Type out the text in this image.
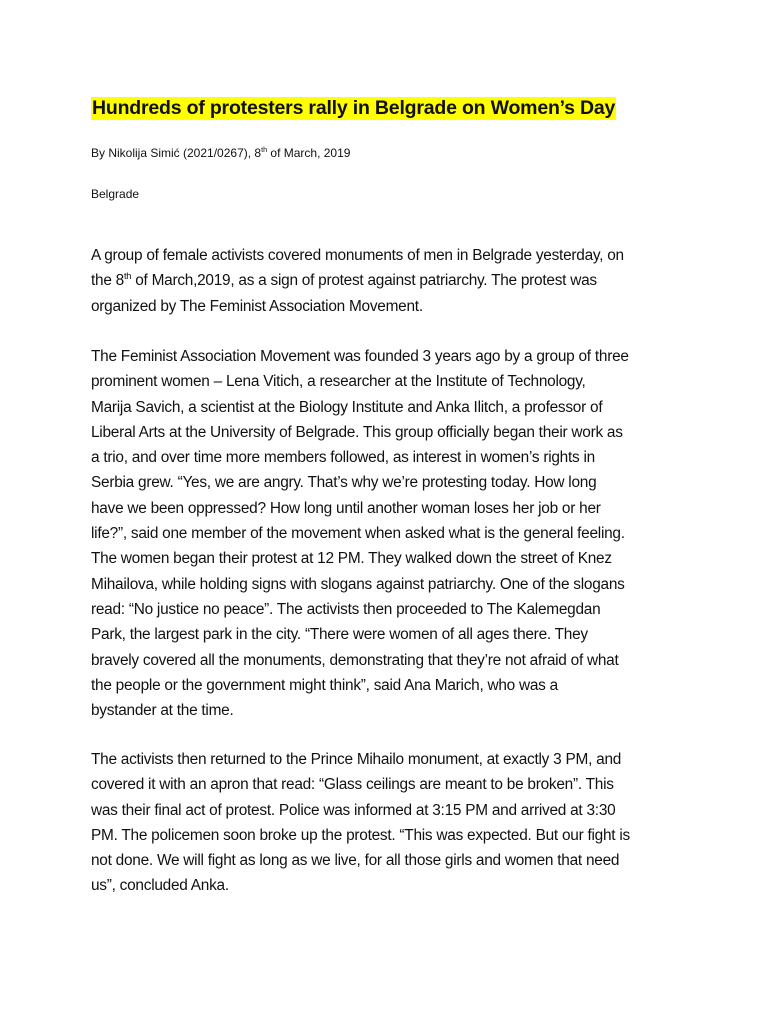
Hundreds of protesters rally in Belgrade on Women’s Day

By Nikolija Simić (2021/0267), 8th of March, 2019

Belgrade

A group of female activists covered monuments of men in Belgrade yesterday, on
the 8th of March,2019, as a sign of protest against patriarchy. The protest was
organized by The Feminist Association Movement.

The Feminist Association Movement was founded 3 years ago by a group of three
prominent women – Lena Vitich, a researcher at the Institute of Technology,
Marija Savich, a scientist at the Biology Institute and Anka Ilitch, a professor of
Liberal Arts at the University of Belgrade. This group officially began their work as
a trio, and over time more members followed, as interest in women’s rights in
Serbia grew. “Yes, we are angry. That’s why we’re protesting today. How long
have we been oppressed? How long until another woman loses her job or her
life?”, said one member of the movement when asked what is the general feeling.
The women began their protest at 12 PM. They walked down the street of Knez
Mihailova, while holding signs with slogans against patriarchy. One of the slogans
read: “No justice no peace”. The activists then proceeded to The Kalemegdan
Park, the largest park in the city. “There were women of all ages there. They
bravely covered all the monuments, demonstrating that they’re not afraid of what
the people or the government might think”, said Ana Marich, who was a
bystander at the time.

The activists then returned to the Prince Mihailo monument, at exactly 3 PM, and
covered it with an apron that read: “Glass ceilings are meant to be broken”. This
was their final act of protest. Police was informed at 3:15 PM and arrived at 3:30
PM. The policemen soon broke up the protest. “This was expected. But our fight is
not done. We will fight as long as we live, for all those girls and women that need
us”, concluded Anka.
